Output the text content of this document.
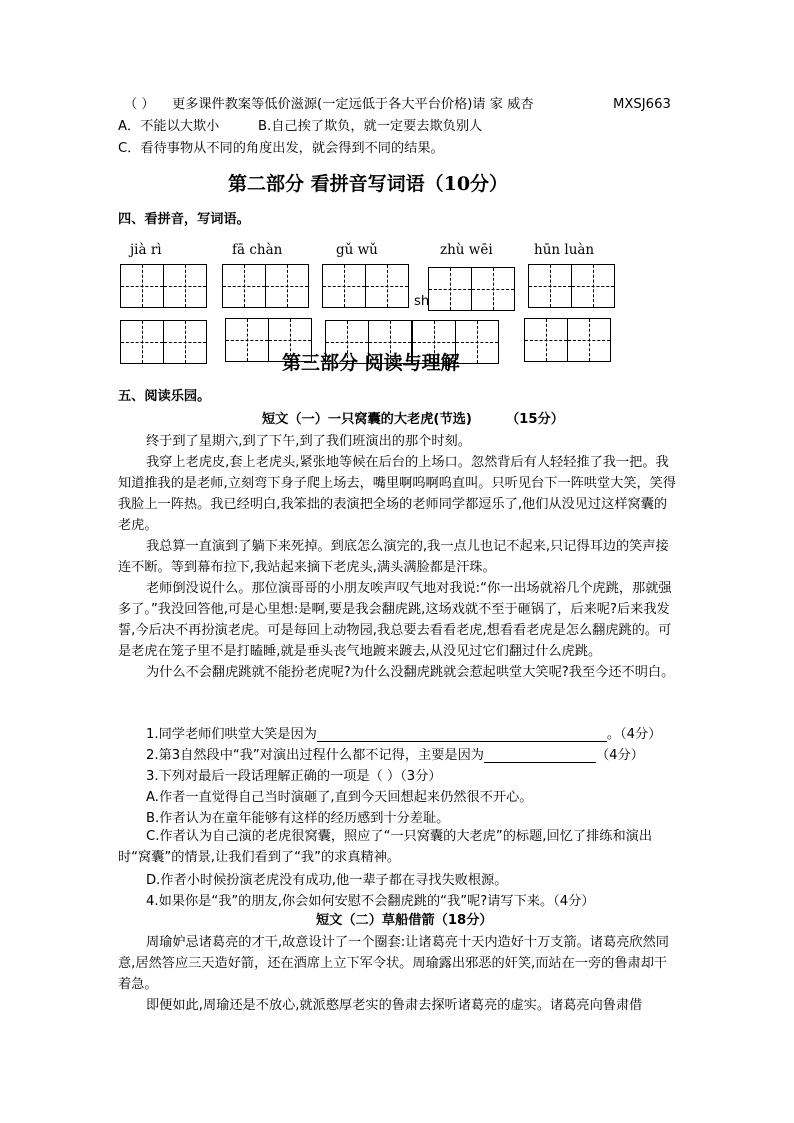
（ ） 更多课件教案等低价滋源(一定远低于各大平台价格)请 家 威杏	MXSJ663
A．不能以大欺小	B.自己挨了欺负，就一定要去欺负别人
C．看待事物从不同的角度出发，就会得到不同的结果。
第二部分 看拼音写词语（10分）
四、看拼音，写词语。
jià rì	fā chàn	gǔ wǔ	zhù wēi	hūn luàn
sh
第三部分 阅读与理解
五、阅读乐园。
短文（一）一只窝囊的大老虎(节选)	（15分）

终于到了星期六,到了下午,到了我们班演出的那个时刻。

我穿上老虎皮,套上老虎头,紧张地等候在后台的上场口。忽然背后有人轻轻推了我一把。我知道推我的是老师,立刻弯下身子爬上场去，嘴里啊呜啊呜直叫。只听见台下一阵哄堂大笑，笑得我脸上一阵热。我已经明白,我笨拙的表演把全场的老师同学都逗乐了,他们从没见过这样窝囊的老虎。

我总算一直演到了躺下来死掉。到底怎么演完的,我一点儿也记不起来,只记得耳边的笑声接连不断。等到幕布拉下,我站起来摘下老虎头,满头满脸都是汗珠。

老师倒没说什么。那位演哥哥的小朋友唉声叹气地对我说:“你一出场就裕几个虎跳，那就强多了。”我没回答他,可是心里想:是啊,要是我会翻虎跳,这场戏就不至于砸锅了，后来呢?后来我发誓,今后决不再扮演老虎。可是每回上动物园,我总要去看看老虎,想看看老虎是怎么翻虎跳的。可是老虎在笼子里不是打瞌睡,就是垂头丧气地踱来踱去,从没见过它们翻过什么虎跳。

为什么不会翻虎跳就不能扮老虎呢?为什么没翻虎跳就会惹起哄堂大笑呢?我至今还不明白。

1.同学老师们哄堂大笑是因为	。（4分）
2.第3自然段中“我”对演出过程什么都不记得，主要是因为	（4分）
3.下列对最后一段话理解正确的一项是（ ）（3分）
A.作者一直觉得自己当时演砸了,直到今天回想起来仍然很不开心。
B.作者认为在童年能够有这样的经历感到十分差耻。

C.作者认为自己演的老虎很窝囊，照应了“一只窝囊的大老虎”的标题,回忆了排练和演出时“窝囊”的情景,让我们看到了“我”的求真精神。

D.作者小时候扮演老虎没有成功,他一辈子都在寻找失败根源。
4.如果你是“我”的朋友,你会如何安慰不会翻虎跳的“我”呢?请写下来。（4分）
短文（二）草船借箭（18分）

周瑜妒忌诸葛亮的才干,故意设计了一个圈套:让诸葛亮十天内造好十万支箭。诸葛亮欣然同意,居然答应三天造好箭，还在酒席上立下军令状。周瑜露出邪恶的奸笑,而站在一旁的鲁肃却干着急。

即便如此,周瑜还是不放心,就派憨厚老实的鲁肃去探听诸葛亮的虚实。诸葛亮向鲁肃借
